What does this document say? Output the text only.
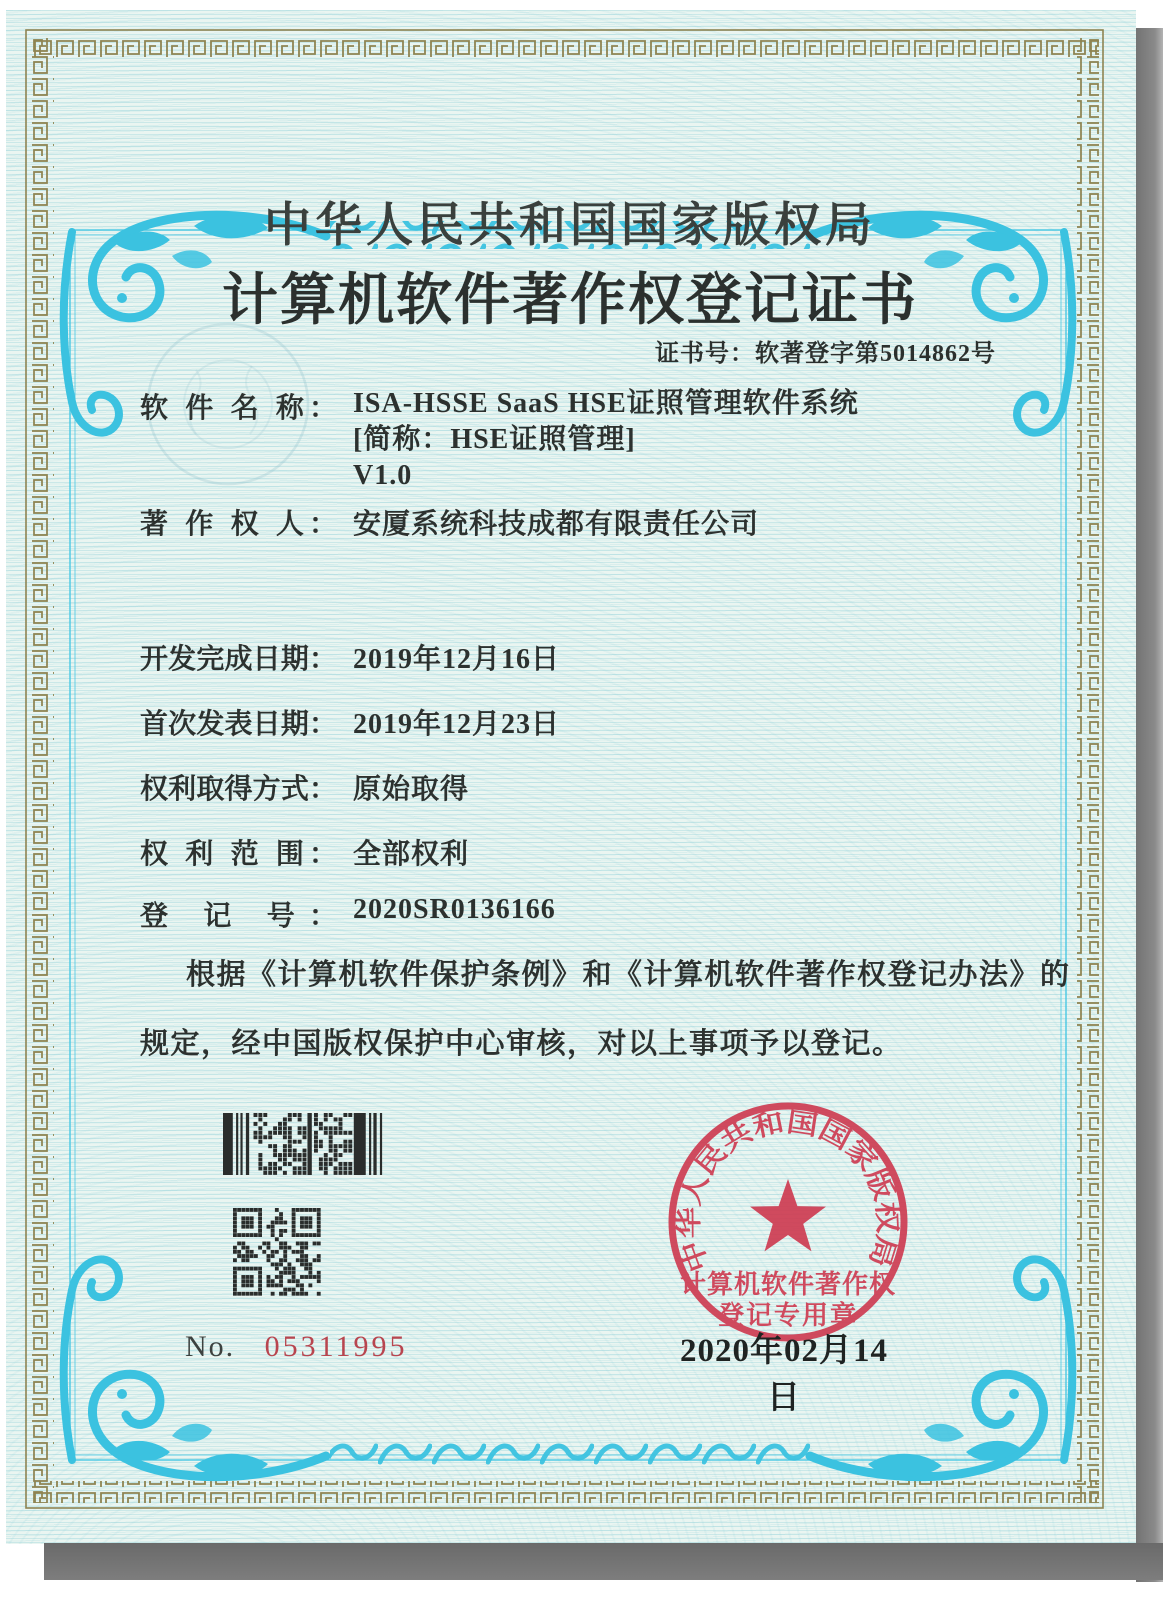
中华人民共和国国家版权局
计算机软件著作权登记证书
证书号：软著登字第5014862号
软 件 名 称： ISA-HSSE SaaS HSE证照管理软件系统
[简称：HSE证照管理]
V1.0
著 作 权 人： 安厦系统科技成都有限责任公司
开发完成日期： 2019年12月16日
首次发表日期： 2019年12月23日
权利取得方式： 原始取得
权 利 范 围： 全部权利
登 记 号： 2020SR0136166
根据《计算机软件保护条例》和《计算机软件著作权登记办法》的
规定，经中国版权保护中心审核，对以上事项予以登记。
No. 05311995
中华人民共和国国家版权局
计算机软件著作权
登记专用章
2020年02月14日
